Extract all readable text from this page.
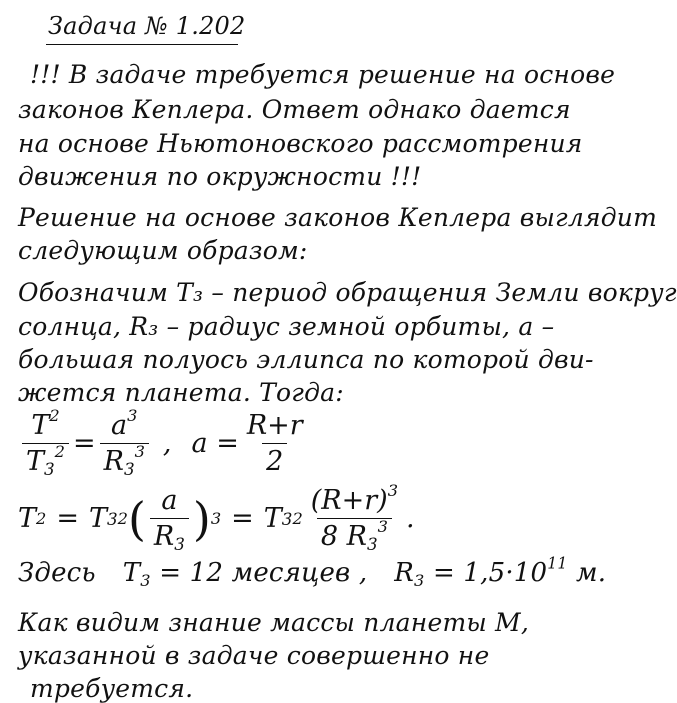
Задача № 1.202
!!! В задаче требуется решение на основе
законов Кеплера. Ответ однако дается
на основе Ньютоновского рассмотрения
движения по окружности !!!
Решение на основе законов Кеплера выглядит
следующим образом:
Обозначим T₃ – период обращения Земли вокруг
солнца, R₃ – радиус земной орбиты, a –
большая полуось эллипса по которой дви-
жется планета. Тогда:
$\frac{T^2}{T_3^2} = \frac{a^3}{R_3^3}$ , $a = \frac{R+r}{2}$
T 2 = T 3 2 ( $\frac{a}{R_3}$ ) 3 = T 3 $2 \frac{(R+r)^3}{8 R_3^3}$ .
Здесь $T_3 = 12$ месяцев , $R_3 = 1,5\cdot 10^{11}$ м.
Как видим знание массы планеты M,
указанной в задаче совершенно не
требуется.
